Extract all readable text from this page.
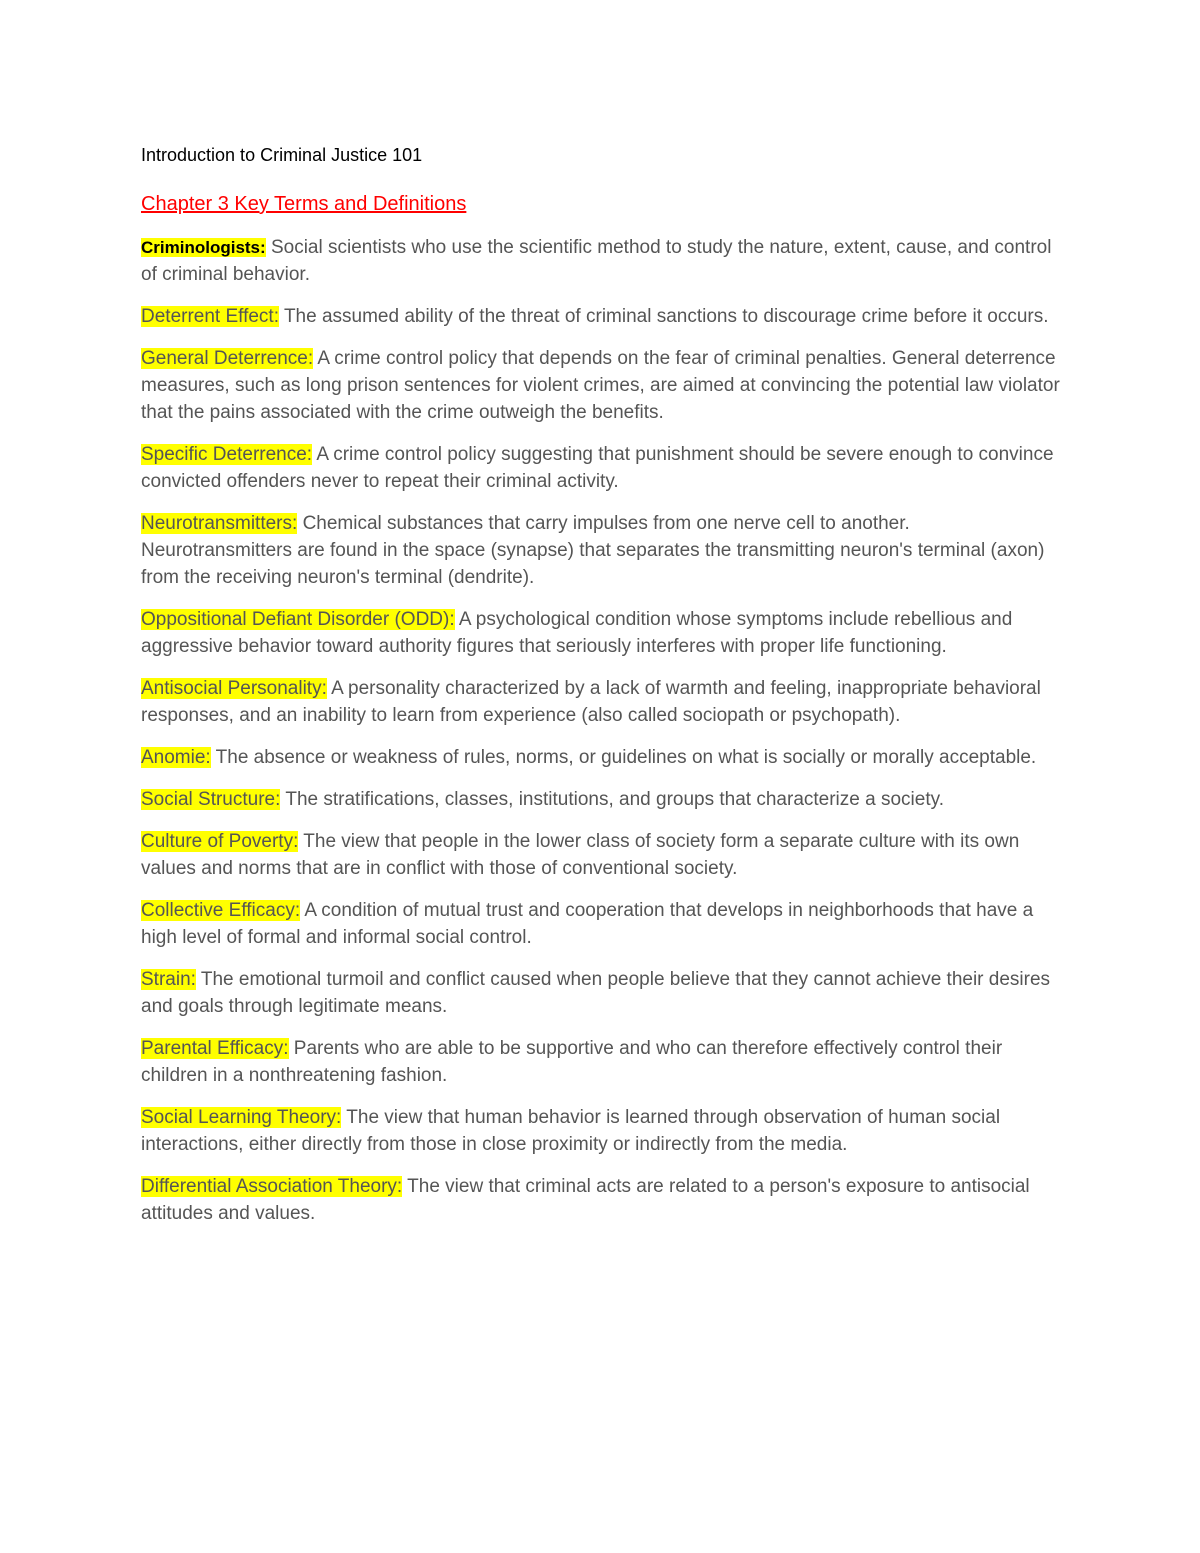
Introduction to Criminal Justice 101

Chapter 3 Key Terms and Definitions

Criminologists: Social scientists who use the scientific method to study the nature, extent, cause, and control of criminal behavior.

Deterrent Effect: The assumed ability of the threat of criminal sanctions to discourage crime before it occurs.

General Deterrence: A crime control policy that depends on the fear of criminal penalties. General deterrence measures, such as long prison sentences for violent crimes, are aimed at convincing the potential law violator that the pains associated with the crime outweigh the benefits.

Specific Deterrence: A crime control policy suggesting that punishment should be severe enough to convince convicted offenders never to repeat their criminal activity.

Neurotransmitters: Chemical substances that carry impulses from one nerve cell to another. Neurotransmitters are found in the space (synapse) that separates the transmitting neuron's terminal (axon) from the receiving neuron's terminal (dendrite).

Oppositional Defiant Disorder (ODD): A psychological condition whose symptoms include rebellious and aggressive behavior toward authority figures that seriously interferes with proper life functioning.

Antisocial Personality: A personality characterized by a lack of warmth and feeling, inappropriate behavioral responses, and an inability to learn from experience (also called sociopath or psychopath).

Anomie: The absence or weakness of rules, norms, or guidelines on what is socially or morally acceptable.

Social Structure: The stratifications, classes, institutions, and groups that characterize a society.

Culture of Poverty: The view that people in the lower class of society form a separate culture with its own values and norms that are in conflict with those of conventional society.

Collective Efficacy: A condition of mutual trust and cooperation that develops in neighborhoods that have a high level of formal and informal social control.

Strain: The emotional turmoil and conflict caused when people believe that they cannot achieve their desires and goals through legitimate means.

Parental Efficacy: Parents who are able to be supportive and who can therefore effectively control their children in a nonthreatening fashion.

Social Learning Theory: The view that human behavior is learned through observation of human social interactions, either directly from those in close proximity or indirectly from the media.

Differential Association Theory: The view that criminal acts are related to a person's exposure to antisocial attitudes and values.
